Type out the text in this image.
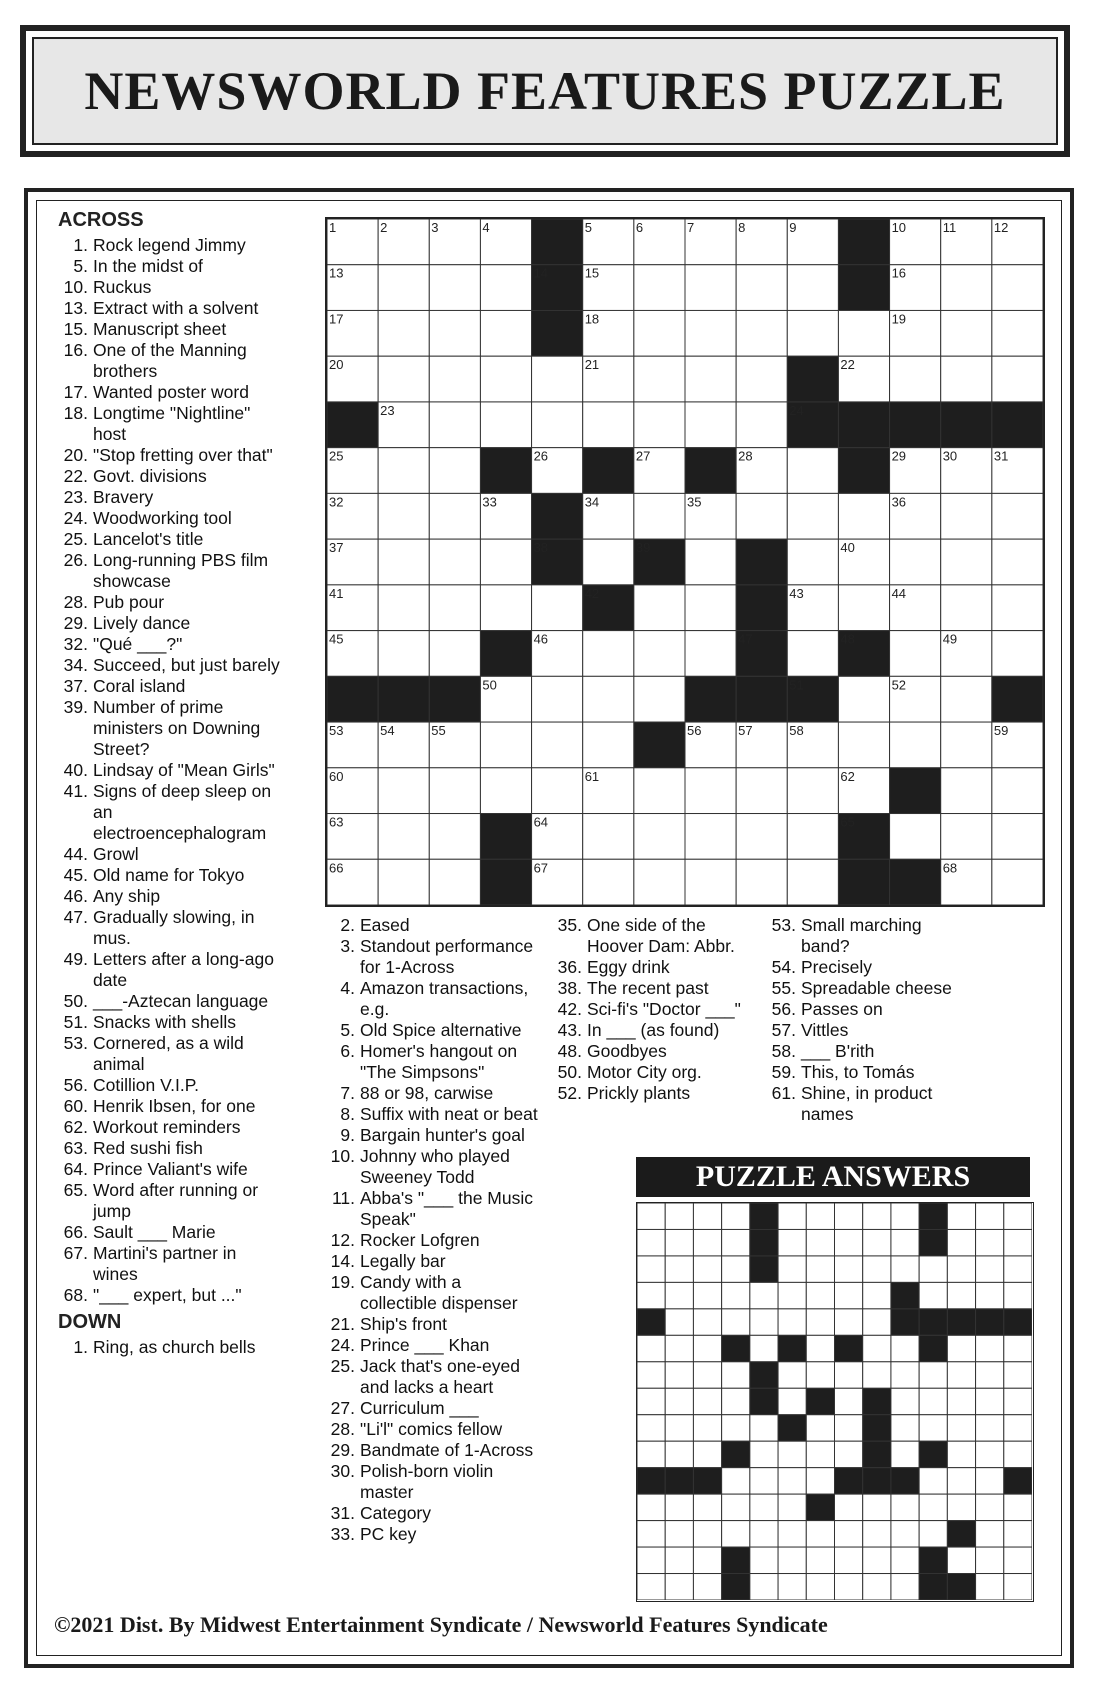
NEWSWORLD FEATURES PUZZLE
ACROSS
1. Rock legend Jimmy
5. In the midst of
10. Ruckus
13. Extract with a solvent
15. Manuscript sheet
16. One of the Manning brothers
17. Wanted poster word
18. Longtime "Nightline" host
20. "Stop fretting over that"
22. Govt. divisions
23. Bravery
24. Woodworking tool
25. Lancelot's title
26. Long-running PBS film showcase
28. Pub pour
29. Lively dance
32. "Qué ___?"
34. Succeed, but just barely
37. Coral island
39. Number of prime ministers on Downing Street?
40. Lindsay of "Mean Girls"
41. Signs of deep sleep on an electroencephalogram
44. Growl
45. Old name for Tokyo
46. Any ship
47. Gradually slowing, in mus.
49. Letters after a long-ago date
50. ___-Aztecan language
51. Snacks with shells
53. Cornered, as a wild animal
56. Cotillion V.I.P.
60. Henrik Ibsen, for one
62. Workout reminders
63. Red sushi fish
64. Prince Valiant's wife
65. Word after running or jump
66. Sault ___ Marie
67. Martini's partner in wines
68. "___ expert, but ..."
DOWN
1. Ring, as church bells
2. Eased
3. Standout performance for 1-Across
4. Amazon transactions, e.g.
5. Old Spice alternative
6. Homer's hangout on "The Simpsons"
7. 88 or 98, carwise
8. Suffix with neat or beat
9. Bargain hunter's goal
10. Johnny who played Sweeney Todd
11. Abba's "___ the Music Speak"
12. Rocker Lofgren
14. Legally bar
19. Candy with a collectible dispenser
21. Ship's front
24. Prince ___ Khan
25. Jack that's one-eyed and lacks a heart
27. Curriculum ___
28. "Li'l" comics fellow
29. Bandmate of 1-Across
30. Polish-born violin master
31. Category
33. PC key
35. One side of the Hoover Dam: Abbr.
36. Eggy drink
38. The recent past
42. Sci-fi's "Doctor ___"
43. In ___ (as found)
48. Goodbyes
50. Motor City org.
52. Prickly plants
53. Small marching band?
54. Precisely
55. Spreadable cheese
56. Passes on
57. Vittles
58. ___ B'rith
59. This, to Tomás
61. Shine, in product names
1	2	3	4	5	6	7	8	9	10	11	12
13	14	15	16
17	18	19
20	21	22
23	24
25	26	27	28	29	30	31
32	33	34	35	36
37	38	39	40
41	42	43	44
45	46	47	48	49
50	51	52
53	54	55	56	57	58	59
60	61	62
63	64	65
66	67	68
PUZZLE ANSWERS
©2021 Dist. By Midwest Entertainment Syndicate / Newsworld Features Syndicate
